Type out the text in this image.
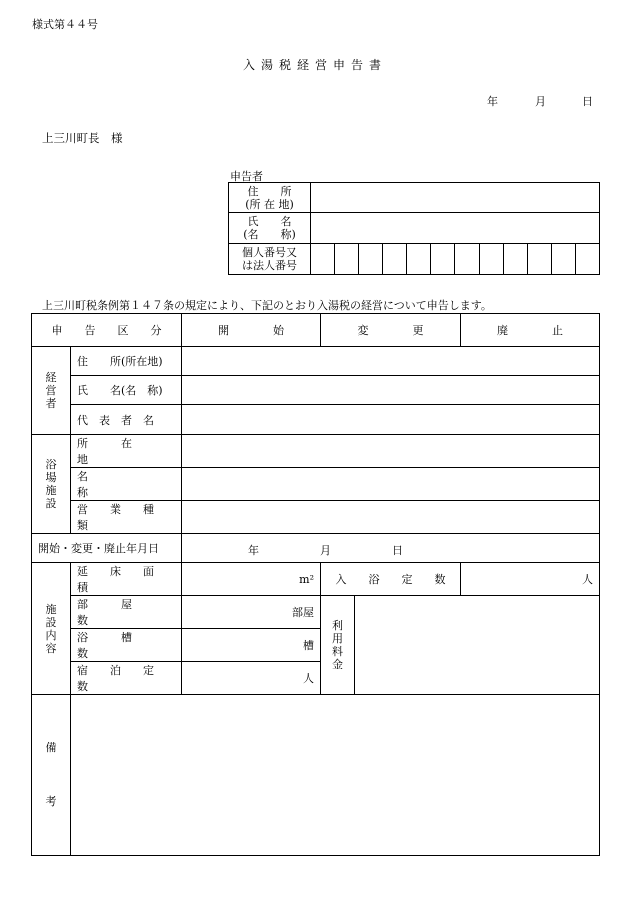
様式第４４号
入湯税経営申告書
年	月	日
上三川町長　様
申告者
住　　所
(所 在 地)												

氏　　名
(名　　称)												

個人番号又
は法人番号												

上三川町税条例第１４７条の規定により、下記のとおり入湯税の経営について申告します。
申　　告　　区　　分		開　　　　始	変　　　　更		廃　　　　止
経営者	住　　所(所在地)				
	氏　　名(名　称)				
	代　表　者　名				
浴場施設	所　　　在　　　地				
	名　　　　　　　称				
	営　　業　　種　　類				
開始・変更・廃止年月日		年 月 日			

施設内容	延　　床　　面　　積	m²	入　　浴　　定　　数		人
	部　　　屋　　　数	部屋	利用料金		
	浴　　　槽　　　数	槽			
	宿　　泊　　定　　数	人			

備
考					
